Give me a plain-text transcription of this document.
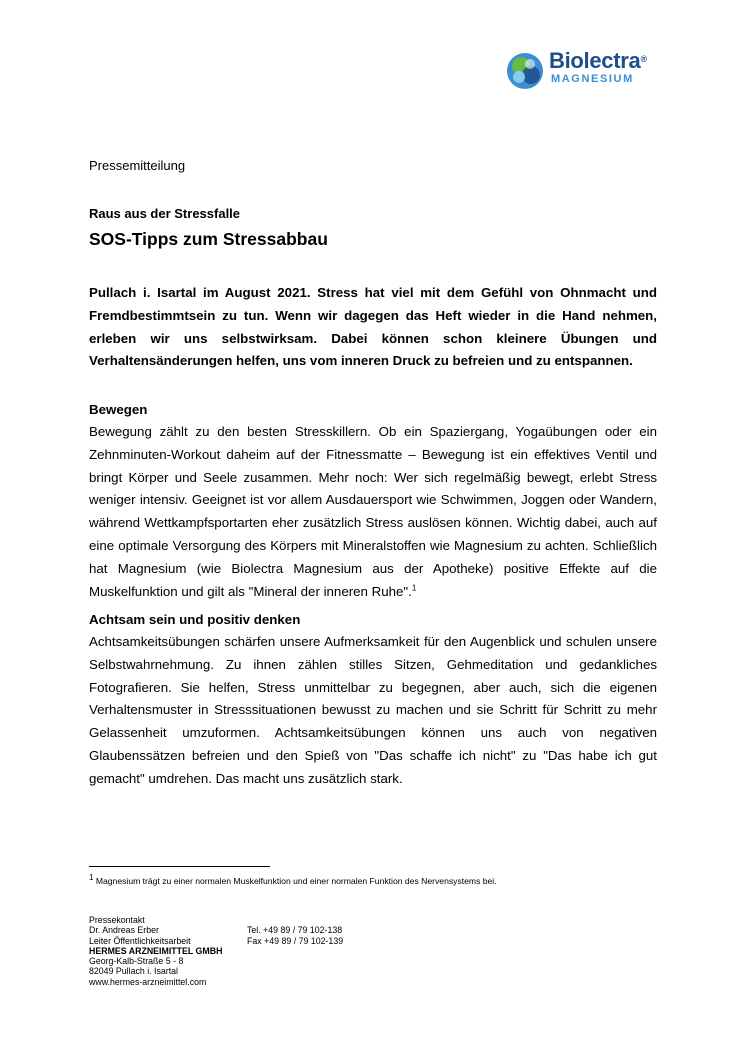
Biolectra®
MAGNESIUM
Pressemitteilung
Raus aus der Stressfalle
SOS-Tipps zum Stressabbau

Pullach i. Isartal im August 2021. Stress hat viel mit dem Gefühl von Ohnmacht und Fremdbestimmtsein zu tun. Wenn wir dagegen das Heft wieder in die Hand nehmen, erleben wir uns selbstwirksam. Dabei können schon kleinere Übungen und Verhaltensänderungen helfen, uns vom inneren Druck zu befreien und zu entspannen.

Bewegen

Bewegung zählt zu den besten Stresskillern. Ob ein Spaziergang, Yogaübungen oder ein Zehnminuten-Workout daheim auf der Fitnessmatte – Bewegung ist ein effektives Ventil und bringt Körper und Seele zusammen. Mehr noch: Wer sich regelmäßig bewegt, erlebt Stress weniger intensiv. Geeignet ist vor allem Ausdauersport wie Schwimmen, Joggen oder Wandern, während Wettkampfsportarten eher zusätzlich Stress auslösen können. Wichtig dabei, auch auf eine optimale Versorgung des Körpers mit Mineralstoffen wie Magnesium zu achten. Schließlich hat Magnesium (wie Biolectra Magnesium aus der Apotheke) positive Effekte auf die Muskelfunktion und gilt als "Mineral der inneren Ruhe".$^1$

Achtsam sein und positiv denken

Achtsamkeitsübungen schärfen unsere Aufmerksamkeit für den Augenblick und schulen unsere Selbstwahrnehmung. Zu ihnen zählen stilles Sitzen, Gehmeditation und gedankliches Fotografieren. Sie helfen, Stress unmittelbar zu begegnen, aber auch, sich die eigenen Verhaltensmuster in Stresssituationen bewusst zu machen und sie Schritt für Schritt zu mehr Gelassenheit umzuformen. Achtsamkeitsübungen können uns auch von negativen Glaubenssätzen befreien und den Spieß von "Das schaffe ich nicht" zu "Das habe ich gut gemacht" umdrehen. Das macht uns zusätzlich stark.

1 Magnesium trägt zu einer normalen Muskelfunktion und einer normalen Funktion des Nervensystems bei.
Pressekontakt
Dr. Andreas Erber	Tel. +49 89 / 79 102-138
Leiter Öffentlichkeitsarbeit	Fax +49 89 / 79 102-139
HERMES ARZNEIMITTEL GMBH
Georg-Kalb-Straße 5 - 8
82049 Pullach i. Isartal
www.hermes-arzneimittel.com
